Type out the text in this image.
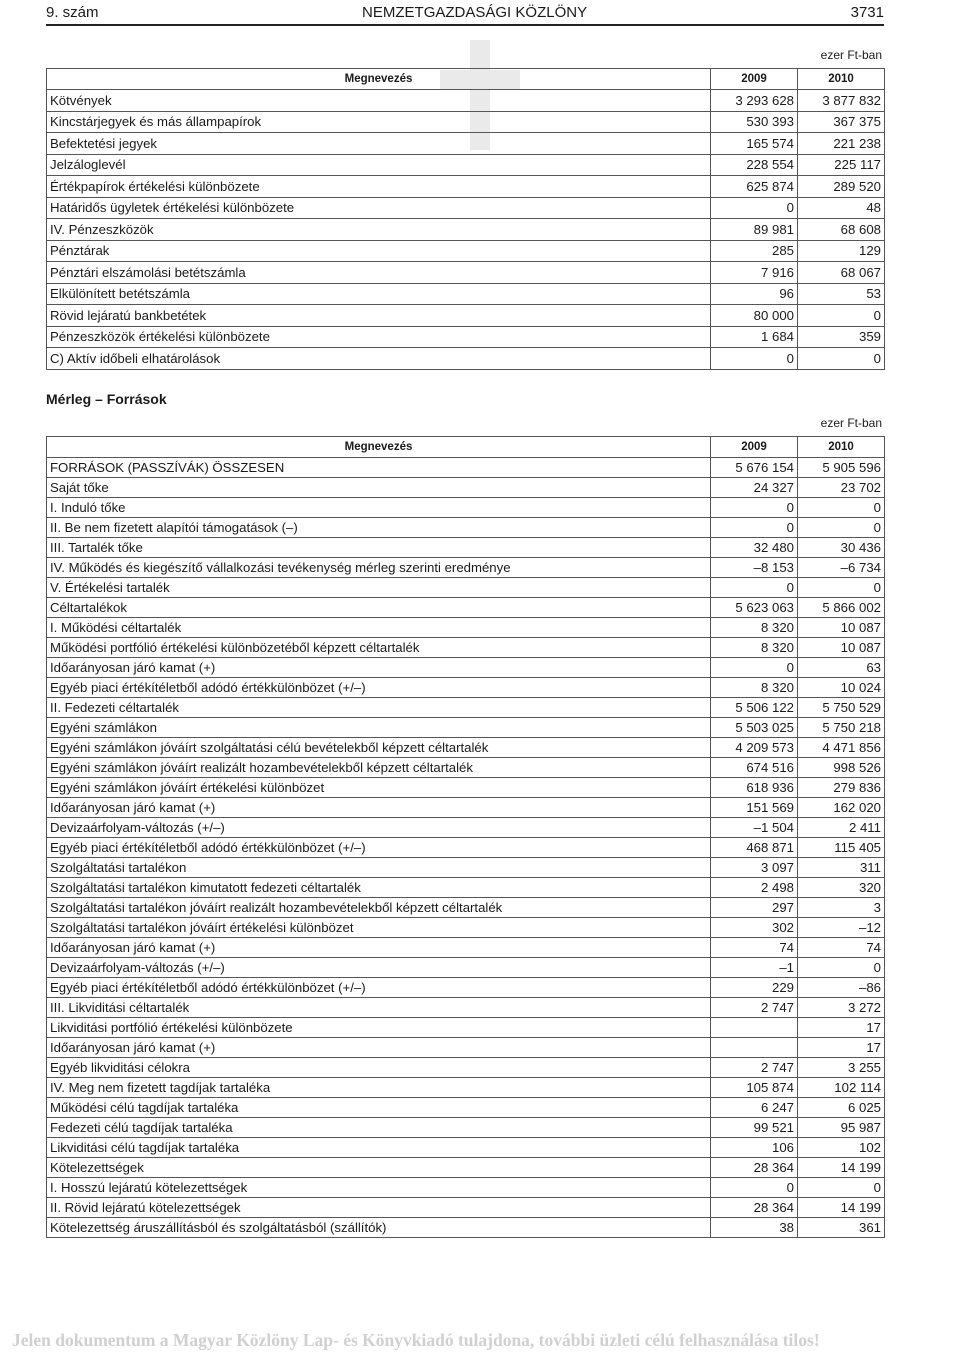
9. szám	NEMZETGAZDASÁGI KÖZLÖNY	3731
ezer Ft-ban
Megnevezés	2009	2010
Kötvények	3 293 628	3 877 832
Kincstárjegyek és más állampapírok	530 393	367 375
Befektetési jegyek	165 574	221 238
Jelzáloglevél	228 554	225 117
Értékpapírok értékelési különbözete	625 874	289 520
Határidős ügyletek értékelési különbözete	0	48
IV. Pénzeszközök	89 981	68 608
Pénztárak	285	129
Pénztári elszámolási betétszámla	7 916	68 067
Elkülönített betétszámla	96	53
Rövid lejáratú bankbetétek	80 000	0
Pénzeszközök értékelési különbözete	1 684	359
C) Aktív időbeli elhatárolások	0	0
Mérleg – Források
ezer Ft-ban
Megnevezés	2009	2010
FORRÁSOK (PASSZÍVÁK) ÖSSZESEN	5 676 154	5 905 596
Saját tőke	24 327	23 702
I. Induló tőke	0	0
II. Be nem fizetett alapítói támogatások (–)	0	0
III. Tartalék tőke	32 480	30 436
IV. Működés és kiegészítő vállalkozási tevékenység mérleg szerinti eredménye	–8 153	–6 734
V. Értékelési tartalék	0	0
Céltartalékok	5 623 063	5 866 002
I. Működési céltartalék	8 320	10 087
Működési portfólió értékelési különbözetéből képzett céltartalék	8 320	10 087
Időarányosan járó kamat (+)	0	63
Egyéb piaci értékítéletből adódó értékkülönbözet (+/–)	8 320	10 024
II. Fedezeti céltartalék	5 506 122	5 750 529
Egyéni számlákon	5 503 025	5 750 218
Egyéni számlákon jóváírt szolgáltatási célú bevételekből képzett céltartalék	4 209 573	4 471 856
Egyéni számlákon jóváírt realizált hozambevételekből képzett céltartalék	674 516	998 526
Egyéni számlákon jóváírt értékelési különbözet	618 936	279 836
Időarányosan járó kamat (+)	151 569	162 020
Devizaárfolyam-változás (+/–)	–1 504	2 411
Egyéb piaci értékítéletből adódó értékkülönbözet (+/–)	468 871	115 405
Szolgáltatási tartalékon	3 097	311
Szolgáltatási tartalékon kimutatott fedezeti céltartalék	2 498	320
Szolgáltatási tartalékon jóváírt realizált hozambevételekből képzett céltartalék	297	3
Szolgáltatási tartalékon jóváírt értékelési különbözet	302	–12
Időarányosan járó kamat (+)	74	74
Devizaárfolyam-változás (+/–)	–1	0
Egyéb piaci értékítéletből adódó értékkülönbözet (+/–)	229	–86
III. Likviditási céltartalék	2 747	3 272
Likviditási portfólió értékelési különbözete		17
Időarányosan járó kamat (+)		17
Egyéb likviditási célokra	2 747	3 255
IV. Meg nem fizetett tagdíjak tartaléka	105 874	102 114
Működési célú tagdíjak tartaléka	6 247	6 025
Fedezeti célú tagdíjak tartaléka	99 521	95 987
Likviditási célú tagdíjak tartaléka	106	102
Kötelezettségek	28 364	14 199
I. Hosszú lejáratú kötelezettségek	0	0
II. Rövid lejáratú kötelezettségek	28 364	14 199
Kötelezettség áruszállításból és szolgáltatásból (szállítók)	38	361
Jelen dokumentum a Magyar Közlöny Lap- és Könyvkiadó tulajdona, további üzleti célú felhasználása tilos!
